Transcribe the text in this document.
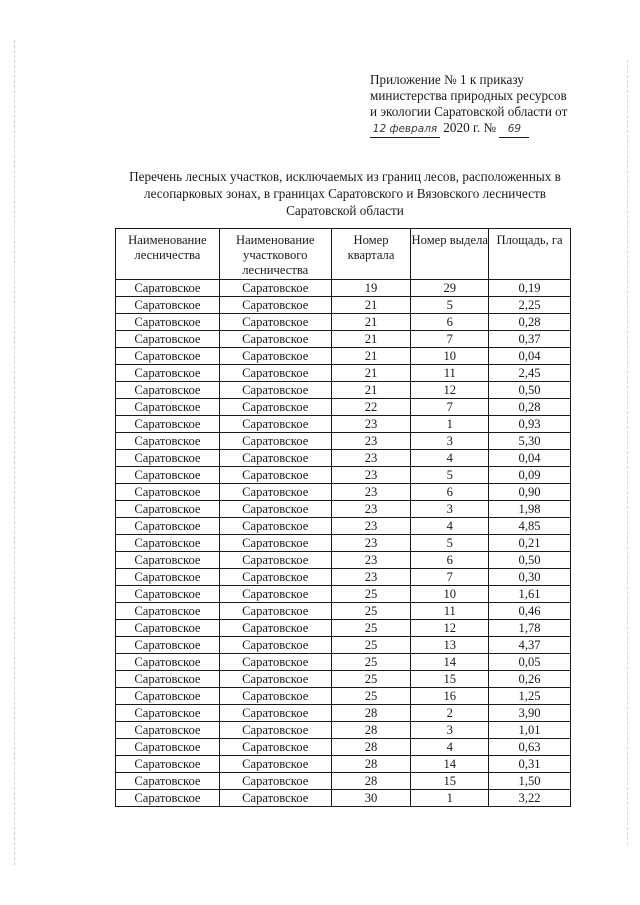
Приложение № 1 к приказу
министерства природных ресурсов
и экологии Саратовской области от
12 февраля 2020 г. № 69
Перечень лесных участков, исключаемых из границ лесов, расположенных в
лесопарковых зонах, в границах Саратовского и Вязовского лесничеств
Саратовской области
Наименование лесничества	Наименование участкового лесничества	Номер квартала	Номер выдела	Площадь, га
Саратовское	Саратовское	19	29	0,19
Саратовское	Саратовское	21	5	2,25
Саратовское	Саратовское	21	6	0,28
Саратовское	Саратовское	21	7	0,37
Саратовское	Саратовское	21	10	0,04
Саратовское	Саратовское	21	11	2,45
Саратовское	Саратовское	21	12	0,50
Саратовское	Саратовское	22	7	0,28
Саратовское	Саратовское	23	1	0,93
Саратовское	Саратовское	23	3	5,30
Саратовское	Саратовское	23	4	0,04
Саратовское	Саратовское	23	5	0,09
Саратовское	Саратовское	23	6	0,90
Саратовское	Саратовское	23	3	1,98
Саратовское	Саратовское	23	4	4,85
Саратовское	Саратовское	23	5	0,21
Саратовское	Саратовское	23	6	0,50
Саратовское	Саратовское	23	7	0,30
Саратовское	Саратовское	25	10	1,61
Саратовское	Саратовское	25	11	0,46
Саратовское	Саратовское	25	12	1,78
Саратовское	Саратовское	25	13	4,37
Саратовское	Саратовское	25	14	0,05
Саратовское	Саратовское	25	15	0,26
Саратовское	Саратовское	25	16	1,25
Саратовское	Саратовское	28	2	3,90
Саратовское	Саратовское	28	3	1,01
Саратовское	Саратовское	28	4	0,63
Саратовское	Саратовское	28	14	0,31
Саратовское	Саратовское	28	15	1,50
Саратовское	Саратовское	30	1	3,22
